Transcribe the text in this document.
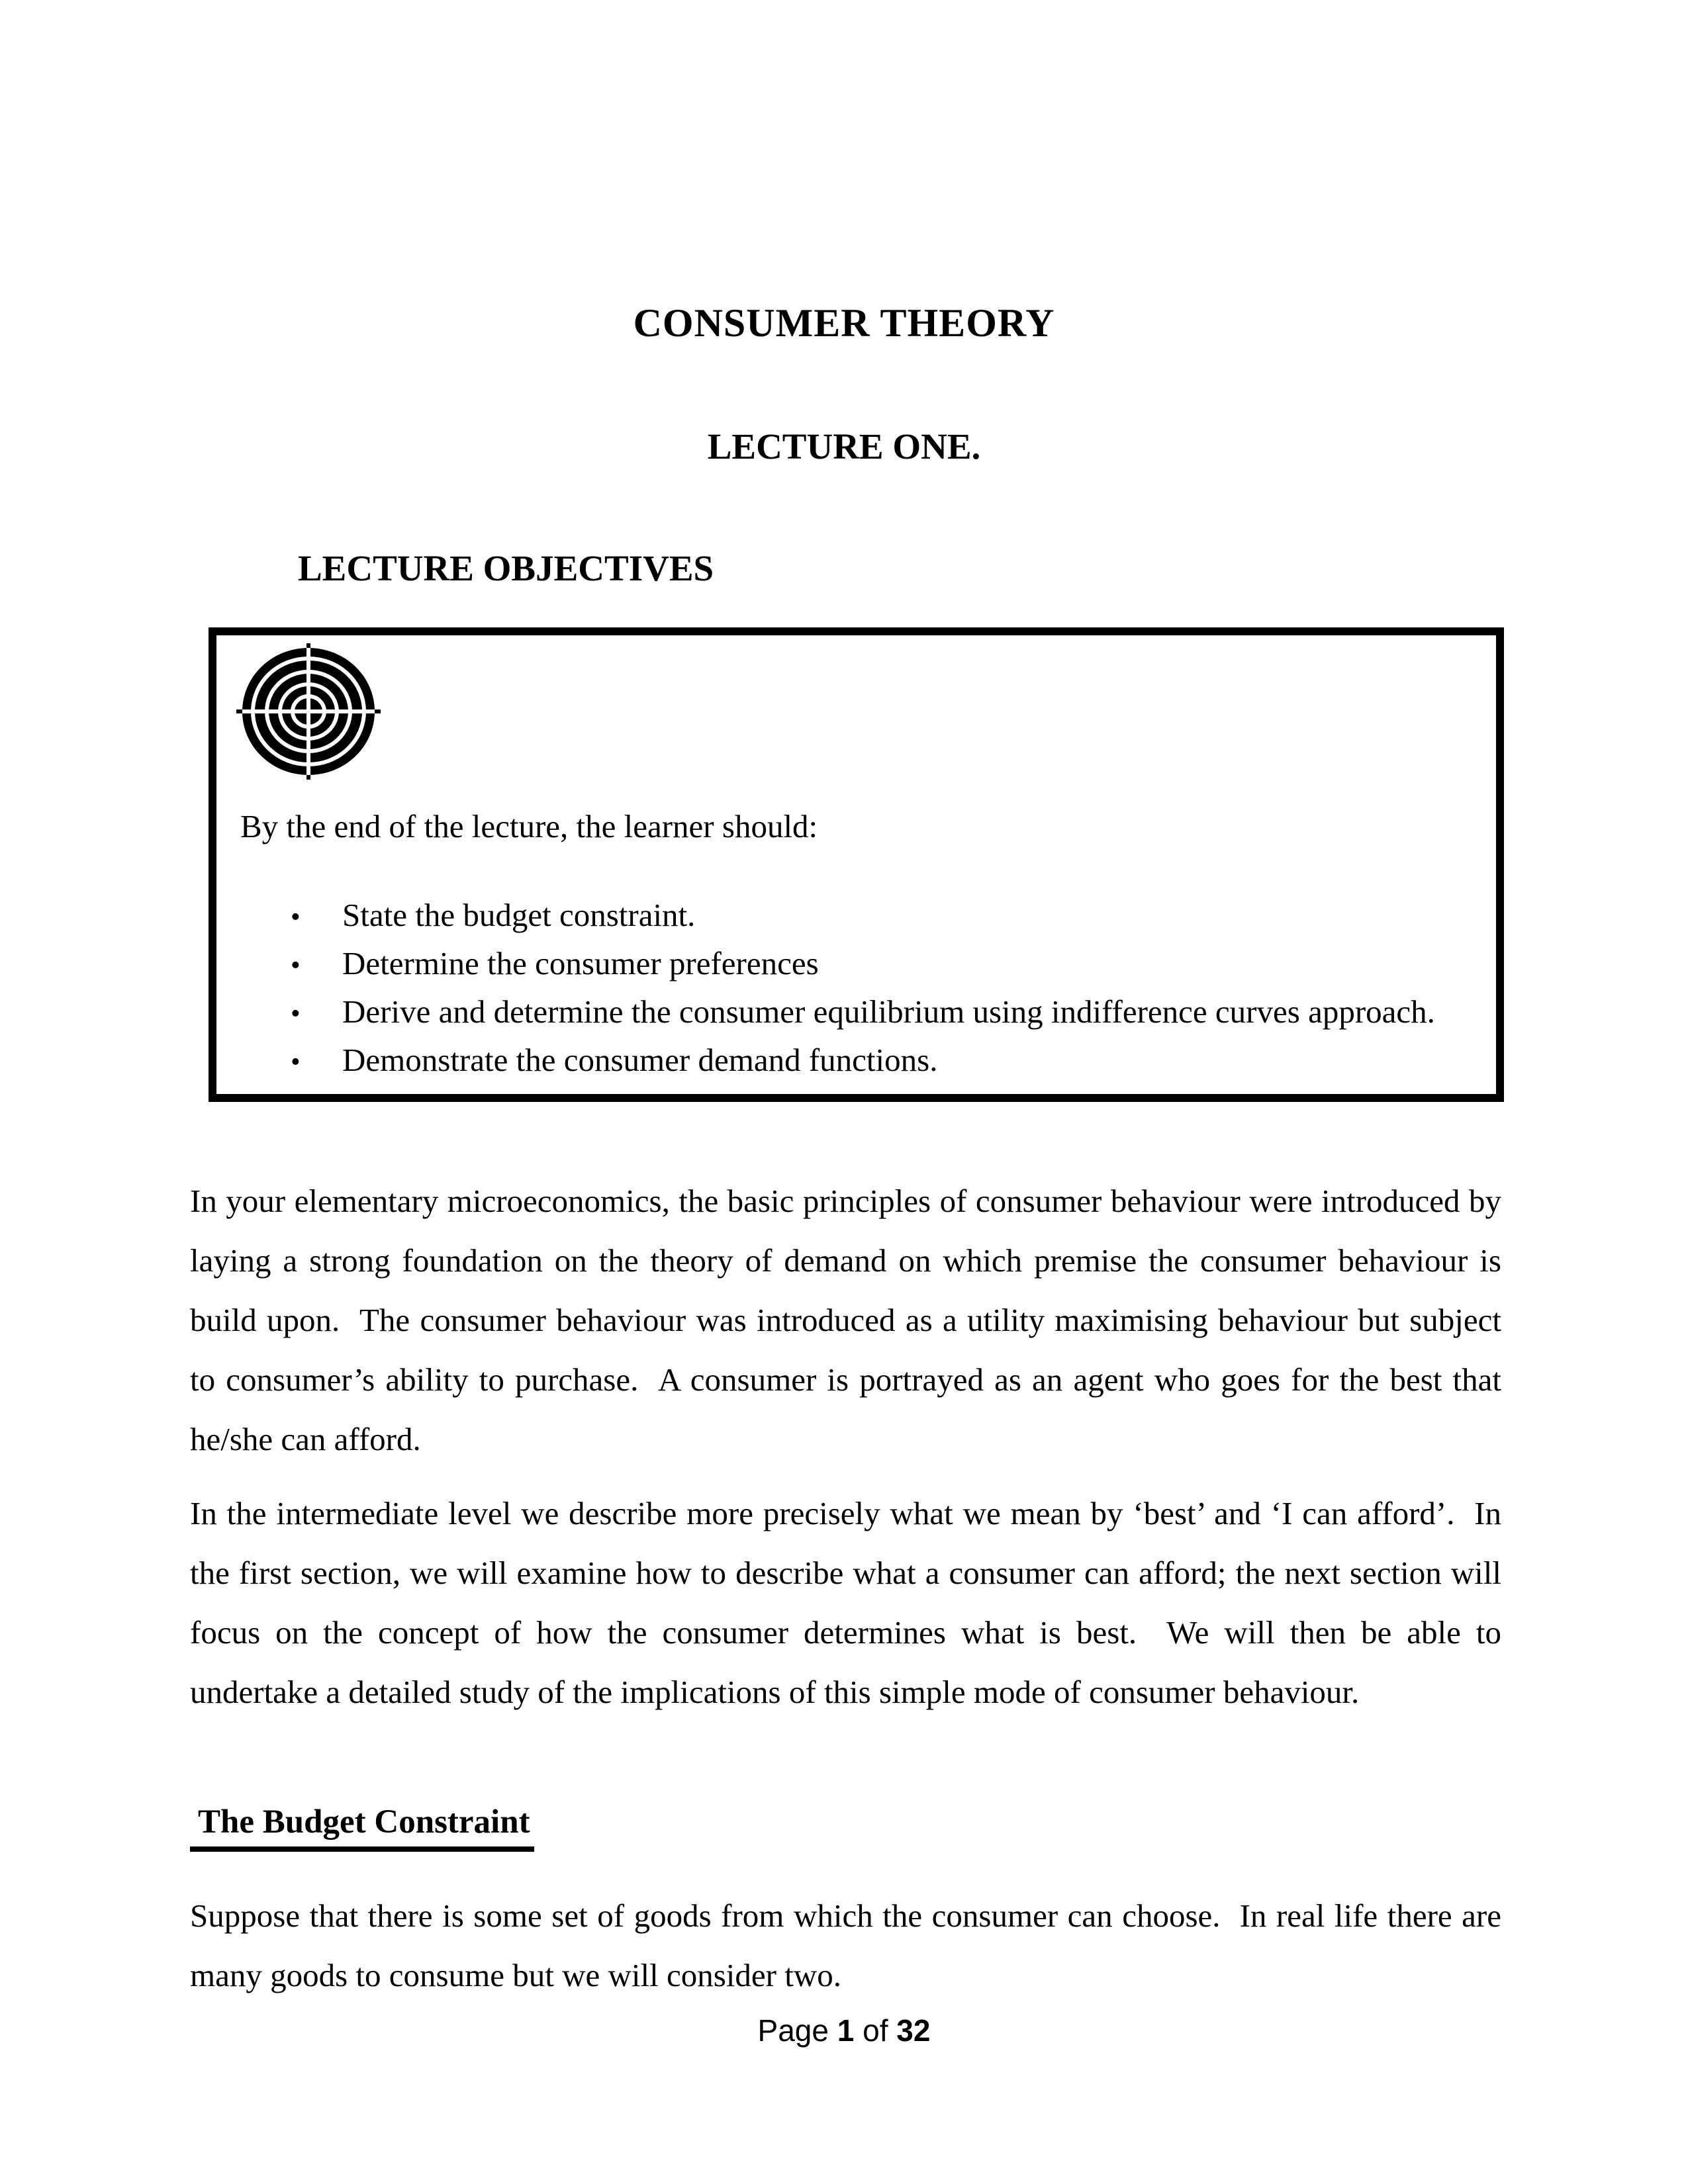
CONSUMER THEORY
LECTURE ONE.
LECTURE OBJECTIVES
By the end of the lecture, the learner should:
•	State the budget constraint.
•	Determine the consumer preferences
•	Derive and determine the consumer equilibrium using indifference curves approach.
•	Demonstrate the consumer demand functions.

In your elementary microeconomics, the basic principles of consumer behaviour were introduced by laying a strong foundation on the theory of demand on which premise the consumer behaviour is build upon.  The consumer behaviour was introduced as a utility maximising behaviour but subject to consumer’s ability to purchase.  A consumer is portrayed as an agent who goes for the best that he/she can afford.

In the intermediate level we describe more precisely what we mean by ‘best’ and ‘I can afford’.  In the first section, we will examine how to describe what a consumer can afford; the next section will focus on the concept of how the consumer determines what is best.  We will then be able to undertake a detailed study of the implications of this simple mode of consumer behaviour.

The Budget Constraint

Suppose that there is some set of goods from which the consumer can choose.  In real life there are many goods to consume but we will consider two.

Page 1 of 32
